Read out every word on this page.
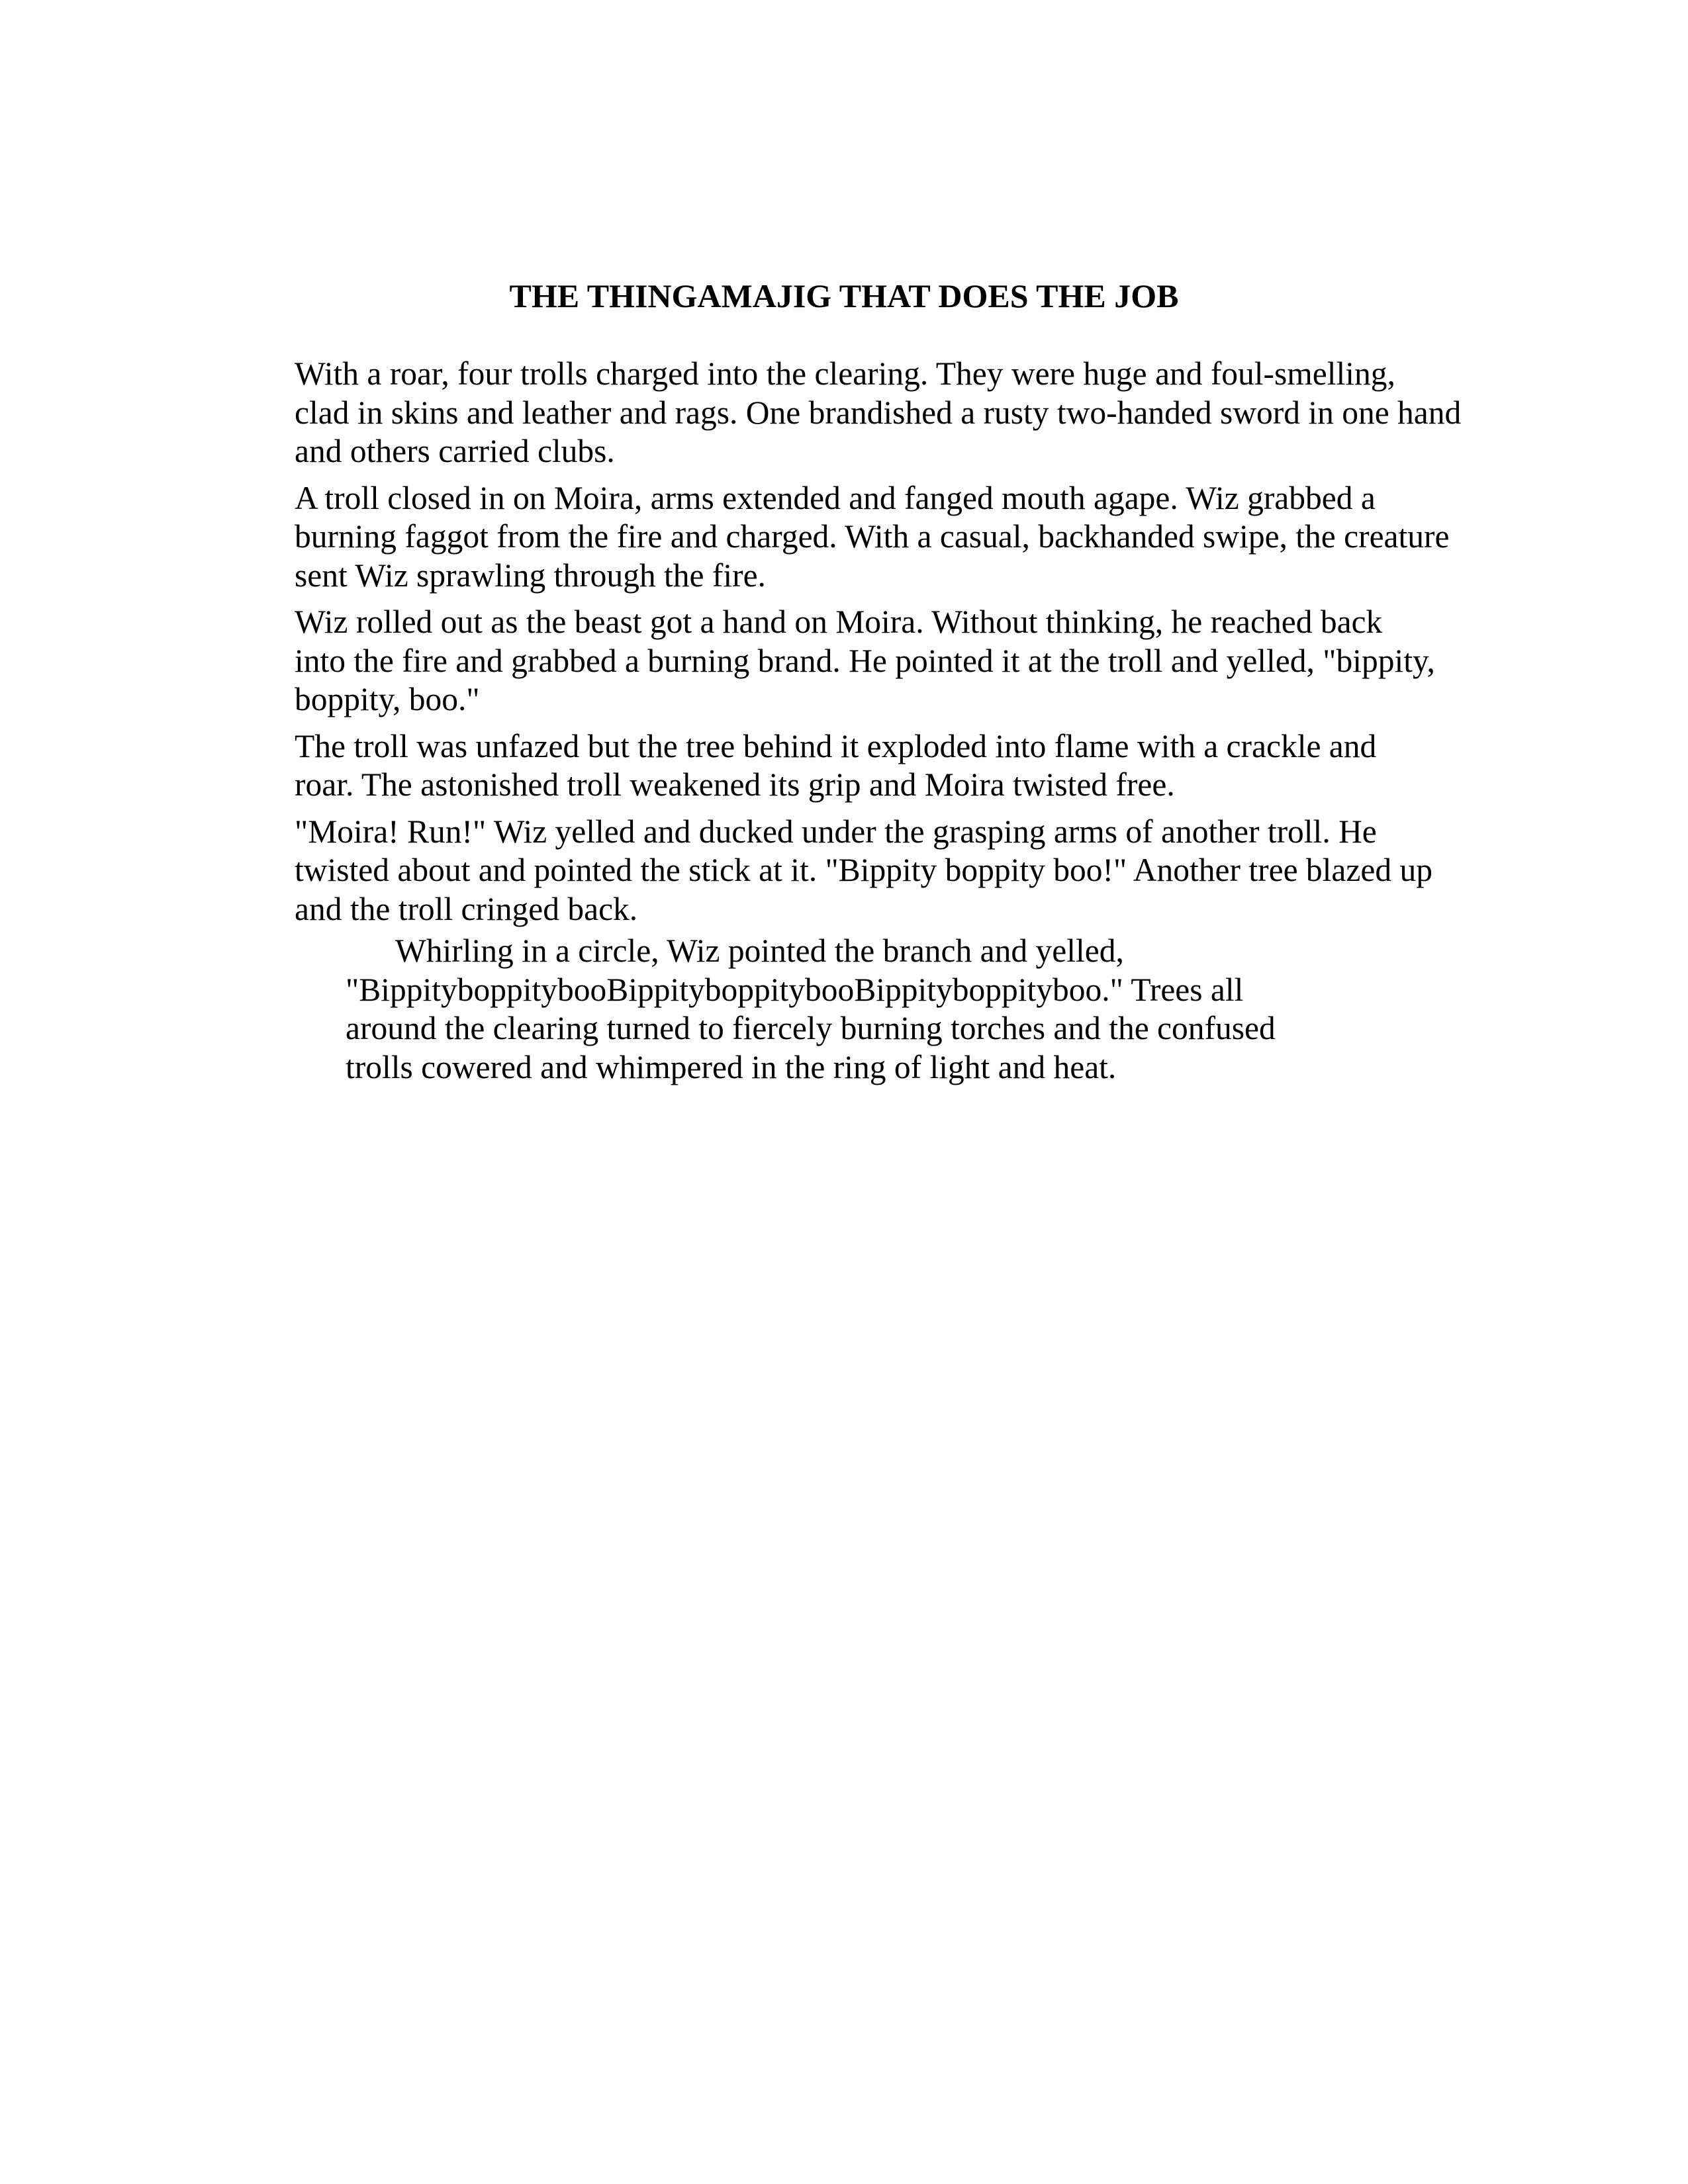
THE THINGAMAJIG THAT DOES THE JOB

With a roar, four trolls charged into the clearing. They were huge and foul-smelling,
clad in skins and leather and rags. One brandished a rusty two-handed sword in one hand
and others carried clubs.

A troll closed in on Moira, arms extended and fanged mouth agape. Wiz grabbed a
burning faggot from the fire and charged. With a casual, backhanded swipe, the creature
sent Wiz sprawling through the fire.

Wiz rolled out as the beast got a hand on Moira. Without thinking, he reached back
into the fire and grabbed a burning brand. He pointed it at the troll and yelled, "bippity,
boppity, boo."

The troll was unfazed but the tree behind it exploded into flame with a crackle and
roar. The astonished troll weakened its grip and Moira twisted free.

"Moira! Run!" Wiz yelled and ducked under the grasping arms of another troll. He
twisted about and pointed the stick at it. "Bippity boppity boo!" Another tree blazed up
and the troll cringed back.

Whirling in a circle, Wiz pointed the branch and yelled,
"BippityboppitybooBippityboppitybooBippityboppityboo." Trees all
around the clearing turned to fiercely burning torches and the confused
trolls cowered and whimpered in the ring of light and heat.
